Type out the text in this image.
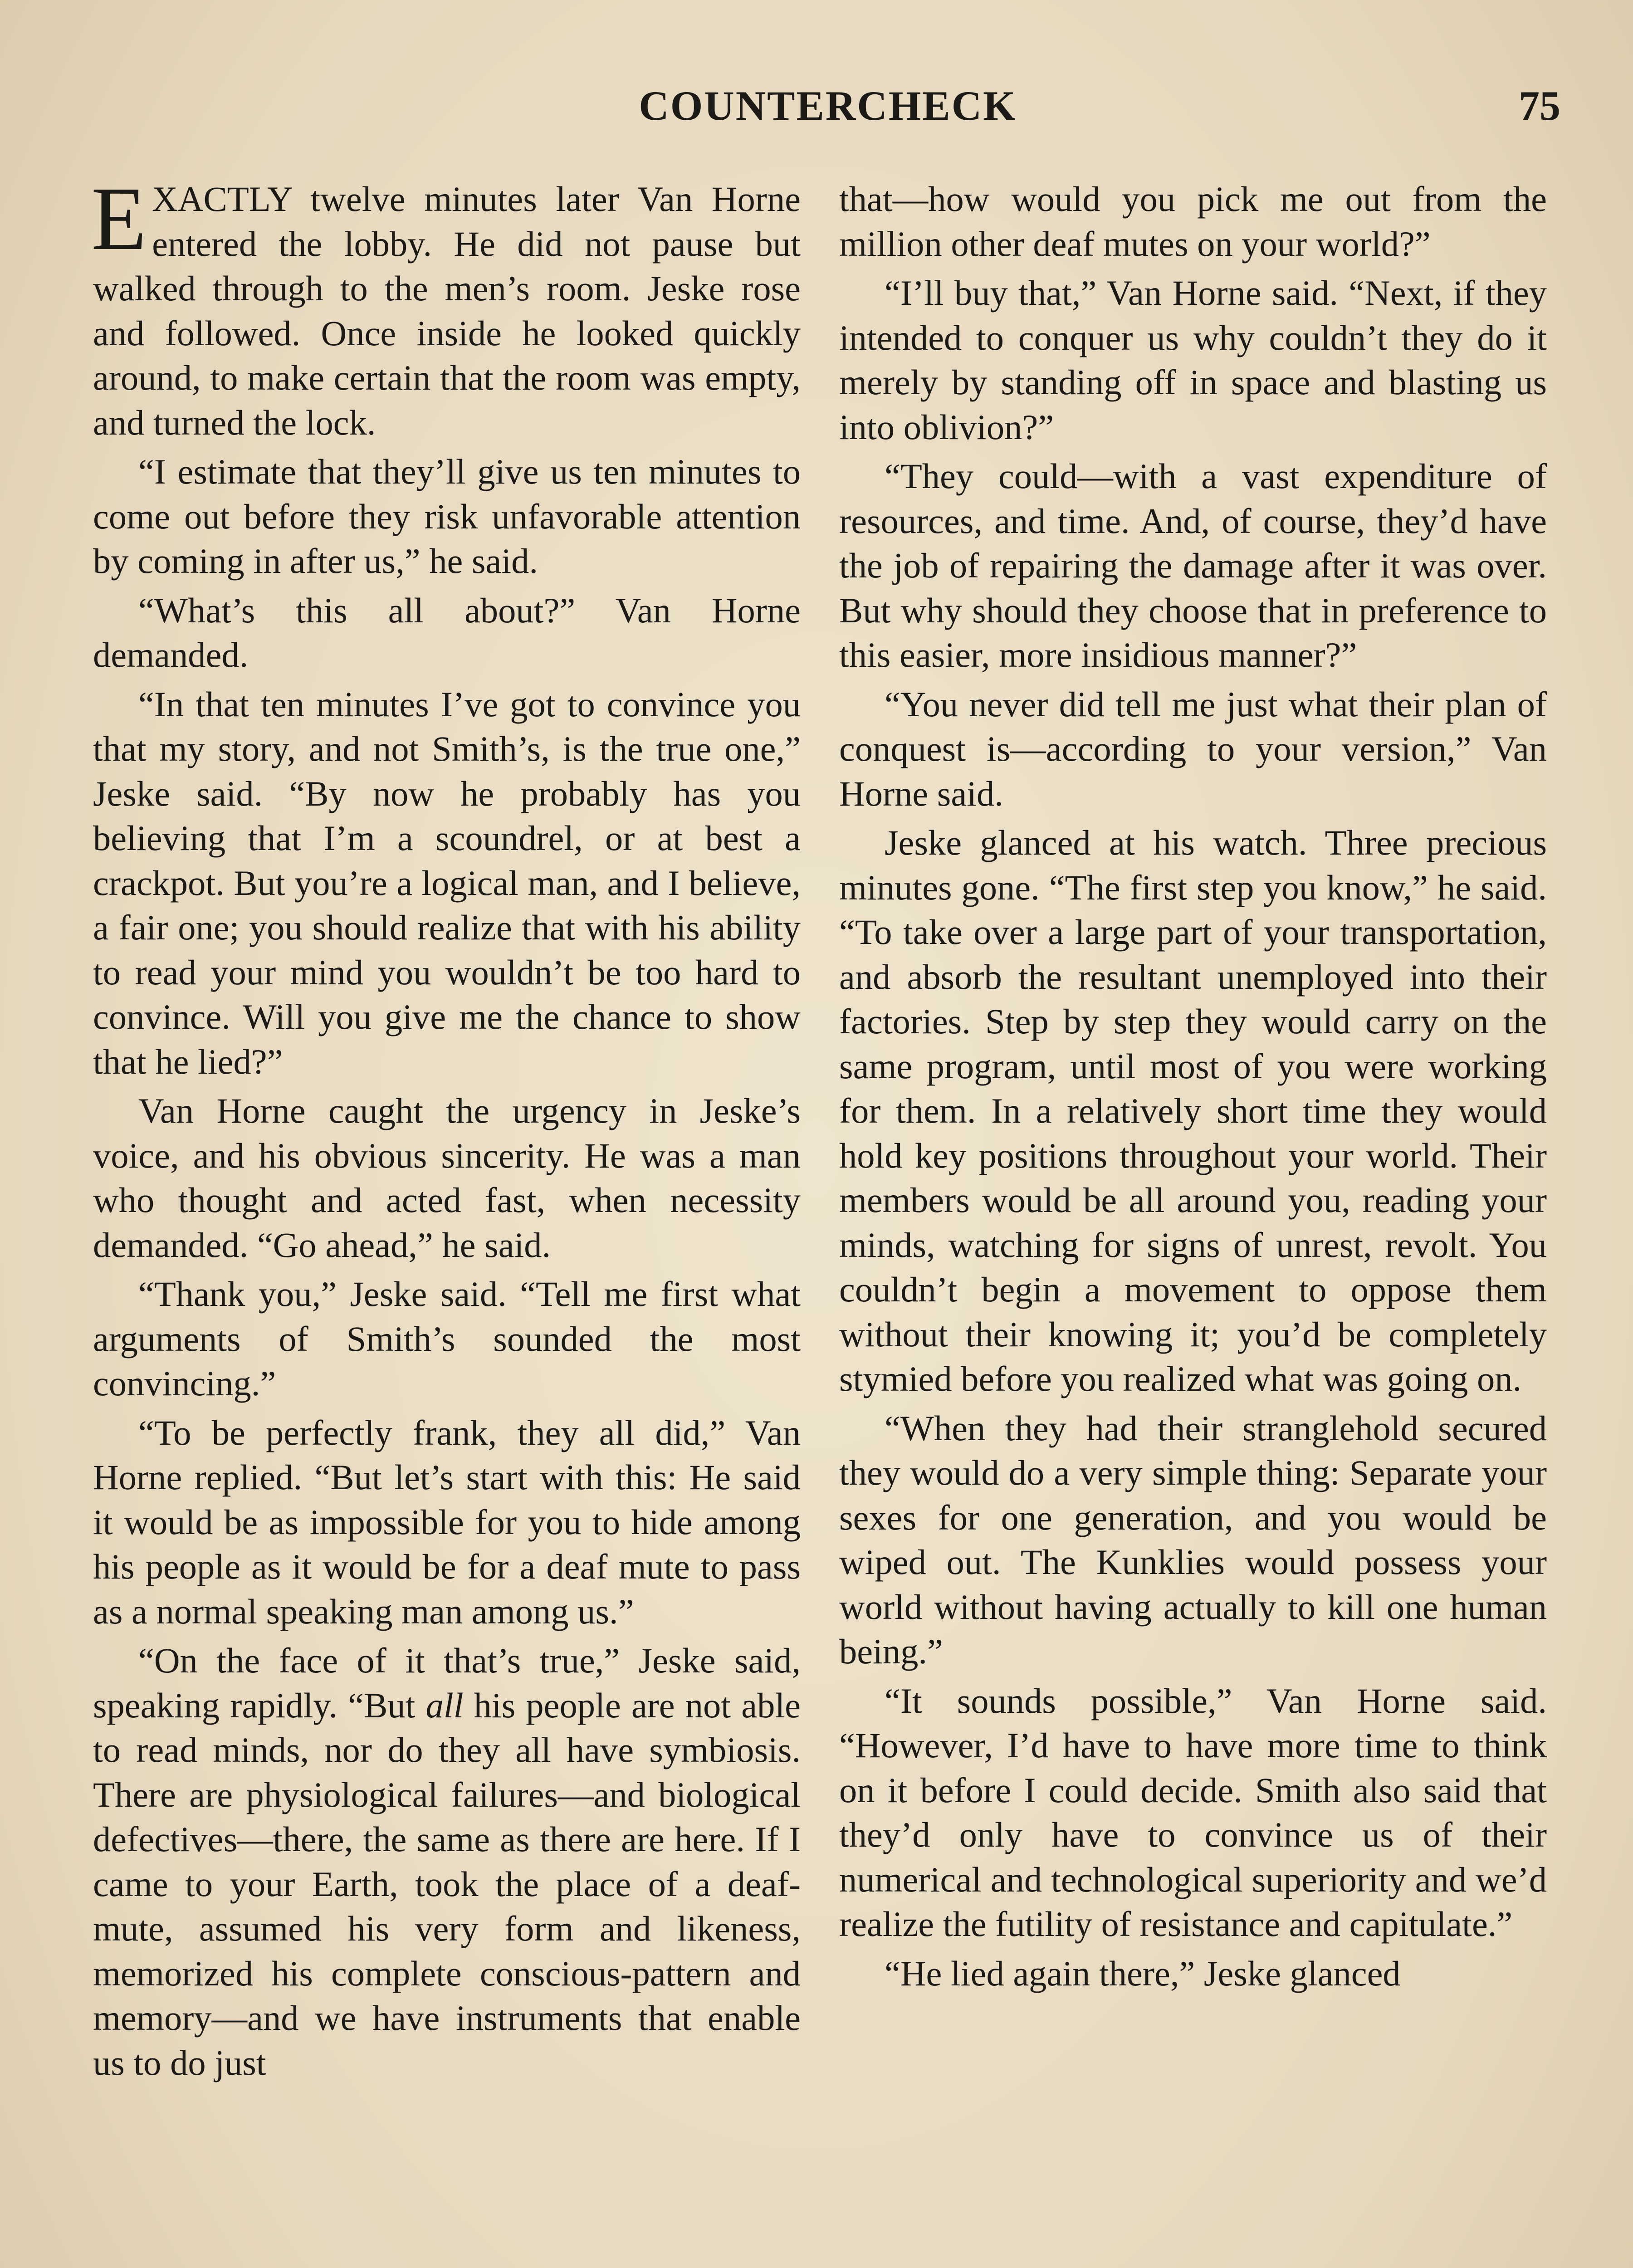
COUNTERCHECK	75

EXACTLY twelve minutes later Van Horne entered the lobby. He did not pause but walked through to the men’s room. Jeske rose and followed. Once inside he looked quickly around, to make certain that the room was empty, and turned the lock.

“I estimate that they’ll give us ten minutes to come out before they risk unfavorable attention by coming in after us,” he said.

“What’s this all about?” Van Horne demanded.

“In that ten minutes I’ve got to convince you that my story, and not Smith’s, is the true one,” Jeske said. “By now he probably has you believing that I’m a scoundrel, or at best a crackpot. But you’re a logical man, and I believe, a fair one; you should realize that with his ability to read your mind you wouldn’t be too hard to convince. Will you give me the chance to show that he lied?”

Van Horne caught the urgency in Jeske’s voice, and his obvious sincerity. He was a man who thought and acted fast, when necessity demanded. “Go ahead,” he said.

“Thank you,” Jeske said. “Tell me first what arguments of Smith’s sounded the most convincing.”

“To be perfectly frank, they all did,” Van Horne replied. “But let’s start with this: He said it would be as impossible for you to hide among his people as it would be for a deaf mute to pass as a normal speaking man among us.”

“On the face of it that’s true,” Jeske said, speaking rapidly. “But all his people are not able to read minds, nor do they all have symbiosis. There are physiological failures—and biological defectives—there, the same as there are here. If I came to your Earth, took the place of a deaf-mute, assumed his very form and likeness, memorized his complete conscious-pattern and memory—and we have instruments that enable us to do just

that—how would you pick me out from the million other deaf mutes on your world?”

“I’ll buy that,” Van Horne said. “Next, if they intended to conquer us why couldn’t they do it merely by standing off in space and blasting us into oblivion?”

“They could—with a vast expenditure of resources, and time. And, of course, they’d have the job of repairing the damage after it was over. But why should they choose that in preference to this easier, more insidious manner?”

“You never did tell me just what their plan of conquest is—according to your version,” Van Horne said.

Jeske glanced at his watch. Three precious minutes gone. “The first step you know,” he said. “To take over a large part of your transportation, and absorb the resultant unemployed into their factories. Step by step they would carry on the same program, until most of you were working for them. In a relatively short time they would hold key positions throughout your world. Their members would be all around you, reading your minds, watching for signs of unrest, revolt. You couldn’t begin a movement to oppose them without their knowing it; you’d be completely stymied before you realized what was going on.

“When they had their stranglehold secured they would do a very simple thing: Separate your sexes for one generation, and you would be wiped out. The Kunklies would possess your world without having actually to kill one human being.”

“It sounds possible,” Van Horne said. “However, I’d have to have more time to think on it before I could decide. Smith also said that they’d only have to convince us of their numerical and technological superiority and we’d realize the futility of resistance and capitulate.”

“He lied again there,” Jeske glanced
